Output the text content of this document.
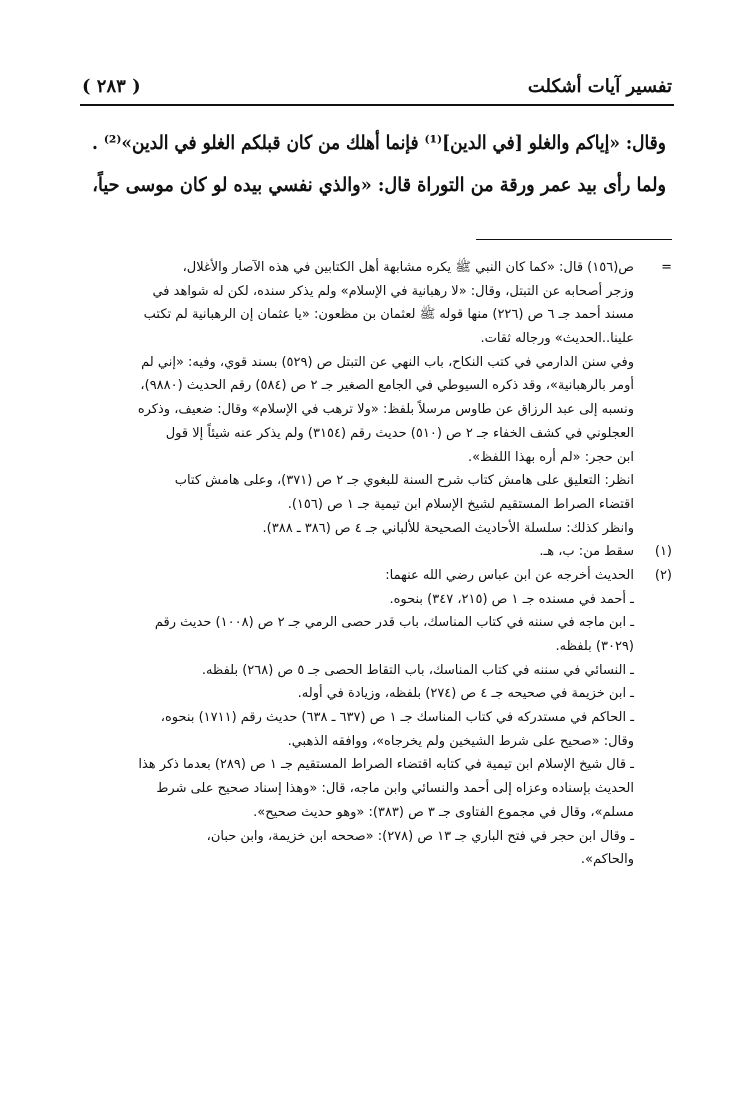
تفسير آيات أشكلت
( ٢٨٣ )
وقال: «إياكم والغلو [في الدين]⁽¹⁾ فإنما أهلك من كان قبلكم الغلو في الدين»⁽²⁾ .
ولما رأى بيد عمر ورقة من التوراة قال: «والذي نفسي بيده لو كان موسى حياً،
=
ص(١٥٦) قال: «كما كان النبي ﷺ يكره مشابهة أهل الكتابين في هذه الآصار والأغلال،
وزجر أصحابه عن التبتل، وقال: «لا رهبانية في الإسلام» ولم يذكر سنده، لكن له شواهد في
مسند أحمد جـ ٦ ص (٢٢٦) منها قوله ﷺ لعثمان بن مظعون: «يا عثمان إن الرهبانية لم تكتب
علينا..الحديث» ورجاله ثقات.
وفي سنن الدارمي في كتب النكاح، باب النهي عن التبتل ص (٥٢٩) بسند قوي، وفيه: «إني لم
أومر بالرهبانية»، وقد ذكره السيوطي في الجامع الصغير جـ ٢ ص (٥٨٤) رقم الحديث (٩٨٨٠)،
ونسبه إلى عبد الرزاق عن طاوس مرسلاً بلفظ: «ولا ترهب في الإسلام» وقال: ضعيف، وذكره
العجلوني في كشف الخفاء جـ ٢ ص (٥١٠) حديث رقم (٣١٥٤) ولم يذكر عنه شيئاً إلا قول
ابن حجر: «لم أره بهذا اللفظ».
انظر: التعليق على هامش كتاب شرح السنة للبغوي جـ ٢ ص (٣٧١)، وعلى هامش كتاب
اقتضاء الصراط المستقيم لشيخ الإسلام ابن تيمية جـ ١ ص (١٥٦).
وانظر كذلك: سلسلة الأحاديث الصحيحة للألباني جـ ٤ ص (٣٨٦ ـ ٣٨٨).
(١)
سقط من: ب، هـ.
(٢)
الحديث أخرجه عن ابن عباس رضي الله عنهما:
ـ أحمد في مسنده جـ ١ ص (٢١٥، ٣٤٧) بنحوه.
ـ ابن ماجه في سننه في كتاب المناسك، باب قدر حصى الرمي جـ ٢ ص (١٠٠٨) حديث رقم
(٣٠٢٩) بلفظه.
ـ النسائي في سننه في كتاب المناسك، باب التقاط الحصى جـ ٥ ص (٢٦٨) بلفظه.
ـ ابن خزيمة في صحيحه جـ ٤ ص (٢٧٤) بلفظه، وزيادة في أوله.
ـ الحاكم في مستدركه في كتاب المناسك جـ ١ ص (٦٣٧ ـ ٦٣٨) حديث رقم (١٧١١) بنحوه،
وقال: «صحيح على شرط الشيخين ولم يخرجاه»، ووافقه الذهبي.
ـ قال شيخ الإسلام ابن تيمية في كتابه اقتضاء الصراط المستقيم جـ ١ ص (٢٨٩) بعدما ذكر هذا
الحديث بإسناده وعزاه إلى أحمد والنسائي وابن ماجه، قال: «وهذا إسناد صحيح على شرط
مسلم»، وقال في مجموع الفتاوى جـ ٣ ص (٣٨٣): «وهو حديث صحيح».
ـ وقال ابن حجر في فتح الباري جـ ١٣ ص (٢٧٨): «صححه ابن خزيمة، وابن حبان،
والحاكم».
